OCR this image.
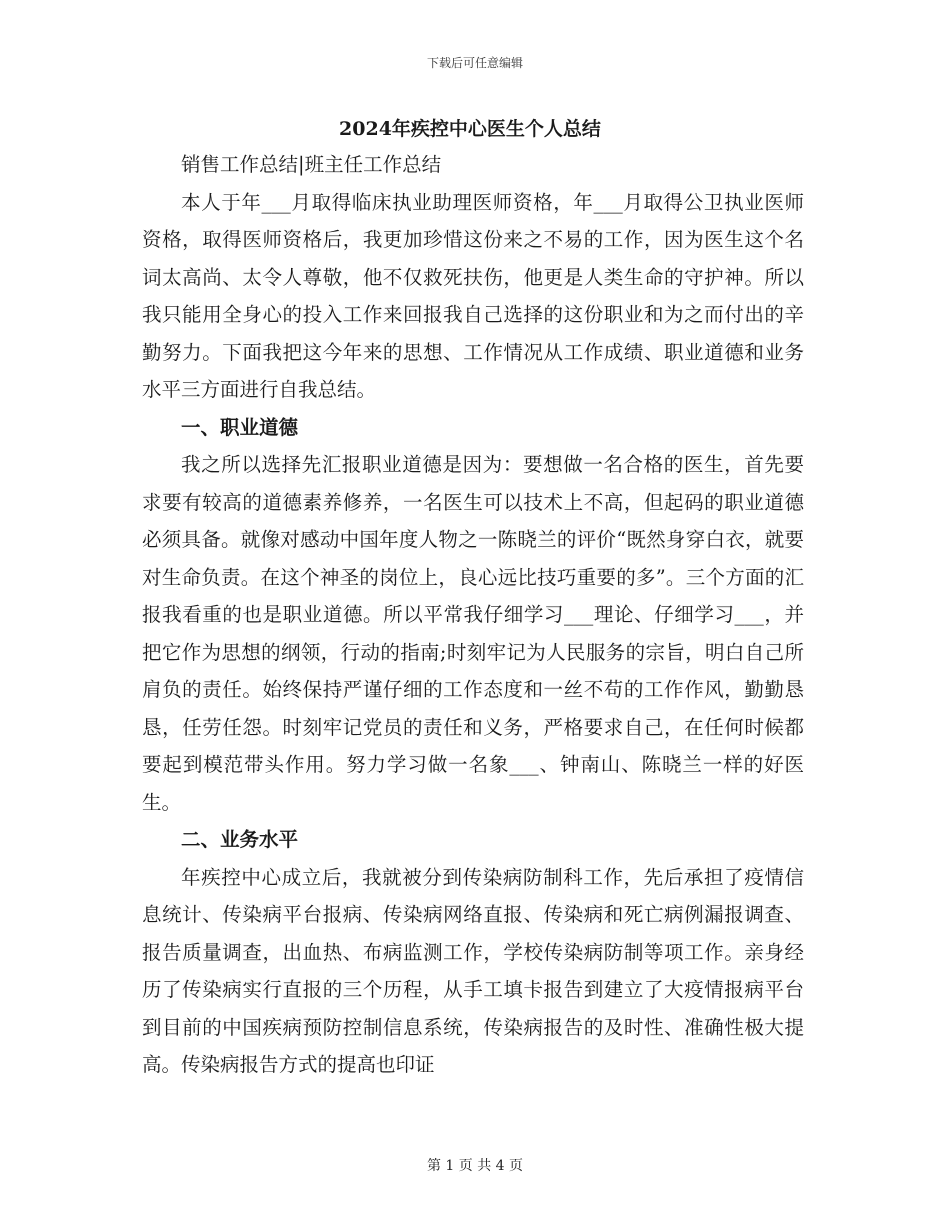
下载后可任意编辑
2024年疾控中心医生个人总结

销售工作总结|班主任工作总结

本人于年___月取得临床执业助理医师资格，年___月取得公卫执业医师资格，取得医师资格后，我更加珍惜这份来之不易的工作，因为医生这个名词太高尚、太令人尊敬，他不仅救死扶伤，他更是人类生命的守护神。所以我只能用全身心的投入工作来回报我自己选择的这份职业和为之而付出的辛勤努力。下面我把这今年来的思想、工作情况从工作成绩、职业道德和业务水平三方面进行自我总结。

一、职业道德

我之所以选择先汇报职业道德是因为：要想做一名合格的医生，首先要求要有较高的道德素养修养，一名医生可以技术上不高，但起码的职业道德必须具备。就像对感动中国年度人物之一陈晓兰的评价“既然身穿白衣，就要对生命负责。在这个神圣的岗位上，良心远比技巧重要的多”。三个方面的汇报我看重的也是职业道德。所以平常我仔细学习___理论、仔细学习___，并把它作为思想的纲领，行动的指南;时刻牢记为人民服务的宗旨，明白自己所肩负的责任。始终保持严谨仔细的工作态度和一丝不苟的工作作风，勤勤恳恳，任劳任怨。时刻牢记党员的责任和义务，严格要求自己，在任何时候都要起到模范带头作用。努力学习做一名象___、钟南山、陈晓兰一样的好医生。

二、业务水平

年疾控中心成立后，我就被分到传染病防制科工作，先后承担了疫情信息统计、传染病平台报病、传染病网络直报、传染病和死亡病例漏报调查、报告质量调查，出血热、布病监测工作，学校传染病防制等项工作。亲身经历了传染病实行直报的三个历程，从手工填卡报告到建立了大疫情报病平台到目前的中国疾病预防控制信息系统，传染病报告的及时性、准确性极大提高。传染病报告方式的提高也印证

第 1 页 共 4 页
